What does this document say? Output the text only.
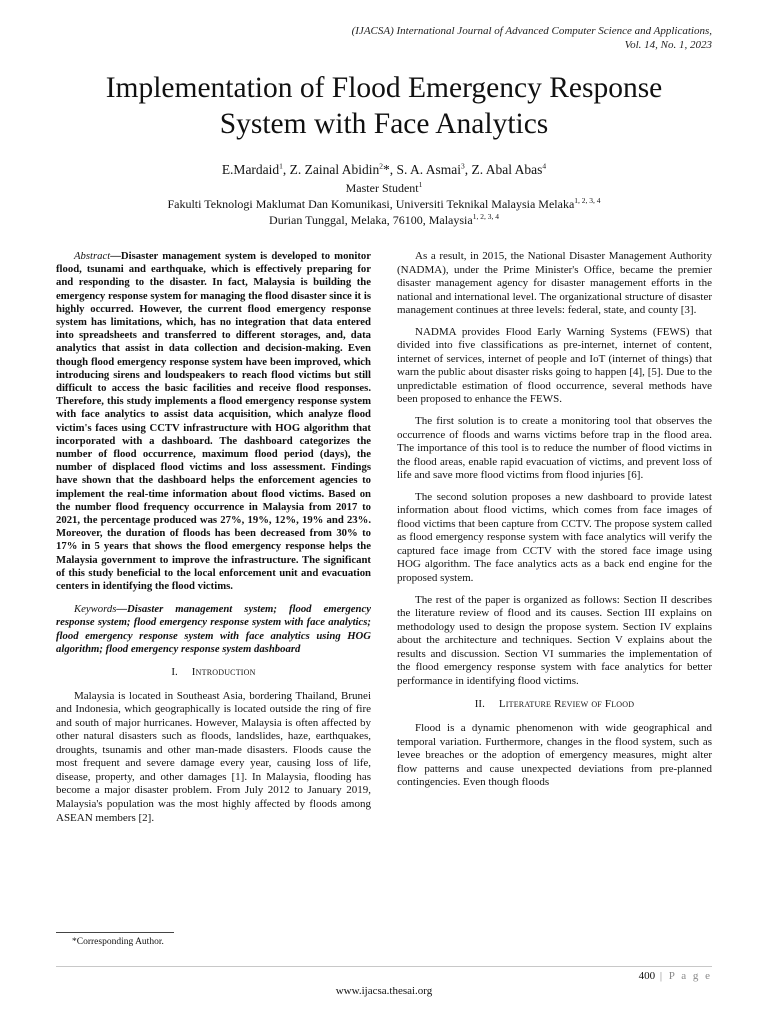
(IJACSA) International Journal of Advanced Computer Science and Applications,
Vol. 14, No. 1, 2023
Implementation of Flood Emergency Response
System with Face Analytics
E.Mardaid$^1$, Z. Zainal Abidin$^2$*, S. A. Asmai$^3$, Z. Abal Abas$^4$
Master Student$^1$
Fakulti Teknologi Maklumat Dan Komunikasi, Universiti Teknikal Malaysia Melaka$^{1, 2, 3, 4}$
Durian Tunggal, Melaka, 76100, Malaysia$^{1, 2, 3, 4}$

Abstract—Disaster management system is developed to monitor flood, tsunami and earthquake, which is effectively preparing for and responding to the disaster. In fact, Malaysia is building the emergency response system for managing the flood disaster since it is highly occurred. However, the current flood emergency response system has limitations, which, has no integration that data entered into spreadsheets and transferred to different storages, and, data analytics that assist in data collection and decision-making. Even though flood emergency response system have been improved, which introducing sirens and loudspeakers to reach flood victims but still difficult to access the basic facilities and receive flood responses. Therefore, this study implements a flood emergency response system with face analytics to assist data acquisition, which analyze flood victim's faces using CCTV infrastructure with HOG algorithm that incorporated with a dashboard. The dashboard categorizes the number of flood occurrence, maximum flood period (days), the number of displaced flood victims and loss assessment. Findings have shown that the dashboard helps the enforcement agencies to implement the real-time information about flood victims. Based on the number flood frequency occurrence in Malaysia from 2017 to 2021, the percentage produced was 27%, 19%, 12%, 19% and 23%. Moreover, the duration of floods has been decreased from 30% to 17% in 5 years that shows the flood emergency response helps the Malaysia government to improve the infrastructure. The significant of this study beneficial to the local enforcement unit and evacuation centers in identifying the flood victims.

Keywords—Disaster management system; flood emergency response system; flood emergency response system with face analytics; flood emergency response system with face analytics using HOG algorithm; flood emergency response system dashboard

I. Introduction

Malaysia is located in Southeast Asia, bordering Thailand, Brunei and Indonesia, which geographically is located outside the ring of fire and south of major hurricanes. However, Malaysia is often affected by other natural disasters such as floods, landslides, haze, earthquakes, droughts, tsunamis and other man-made disasters. Floods cause the most frequent and severe damage every year, causing loss of life, disease, property, and other damages [1]. In Malaysia, flooding has become a major disaster problem. From July 2012 to January 2019, Malaysia's population was the most highly affected by floods among ASEAN members [2].

As a result, in 2015, the National Disaster Management Authority (NADMA), under the Prime Minister's Office, became the premier disaster management agency for disaster management efforts in the national and international level. The organizational structure of disaster management continues at three levels: federal, state, and county [3].

NADMA provides Flood Early Warning Systems (FEWS) that divided into five classifications as pre-internet, internet of content, internet of services, internet of people and IoT (internet of things) that warn the public about disaster risks going to happen [4], [5]. Due to the unpredictable estimation of flood occurrence, several methods have been proposed to enhance the FEWS.

The first solution is to create a monitoring tool that observes the occurrence of floods and warns victims before trap in the flood area. The importance of this tool is to reduce the number of flood victims in the flood areas, enable rapid evacuation of victims, and prevent loss of life and save more flood victims from flood injuries [6].

The second solution proposes a new dashboard to provide latest information about flood victims, which comes from face images of flood victims that been capture from CCTV. The propose system called as flood emergency response system with face analytics will verify the captured face image from CCTV with the stored face image using HOG algorithm. The face analytics acts as a back end engine for the proposed system.

The rest of the paper is organized as follows: Section II describes the literature review of flood and its causes. Section III explains on methodology used to design the propose system. Section IV explains about the architecture and techniques. Section V explains about the results and discussion. Section VI summaries the implementation of the flood emergency response system with face analytics for better performance in identifying flood victims.

II. Literature Review of Flood

Flood is a dynamic phenomenon with wide geographical and temporal variation. Furthermore, changes in the flood system, such as levee breaches or the adoption of emergency measures, might alter flow patterns and cause unexpected deviations from pre-planned contingencies. Even though floods

*Corresponding Author.
400 | P a g e
www.ijacsa.thesai.org
